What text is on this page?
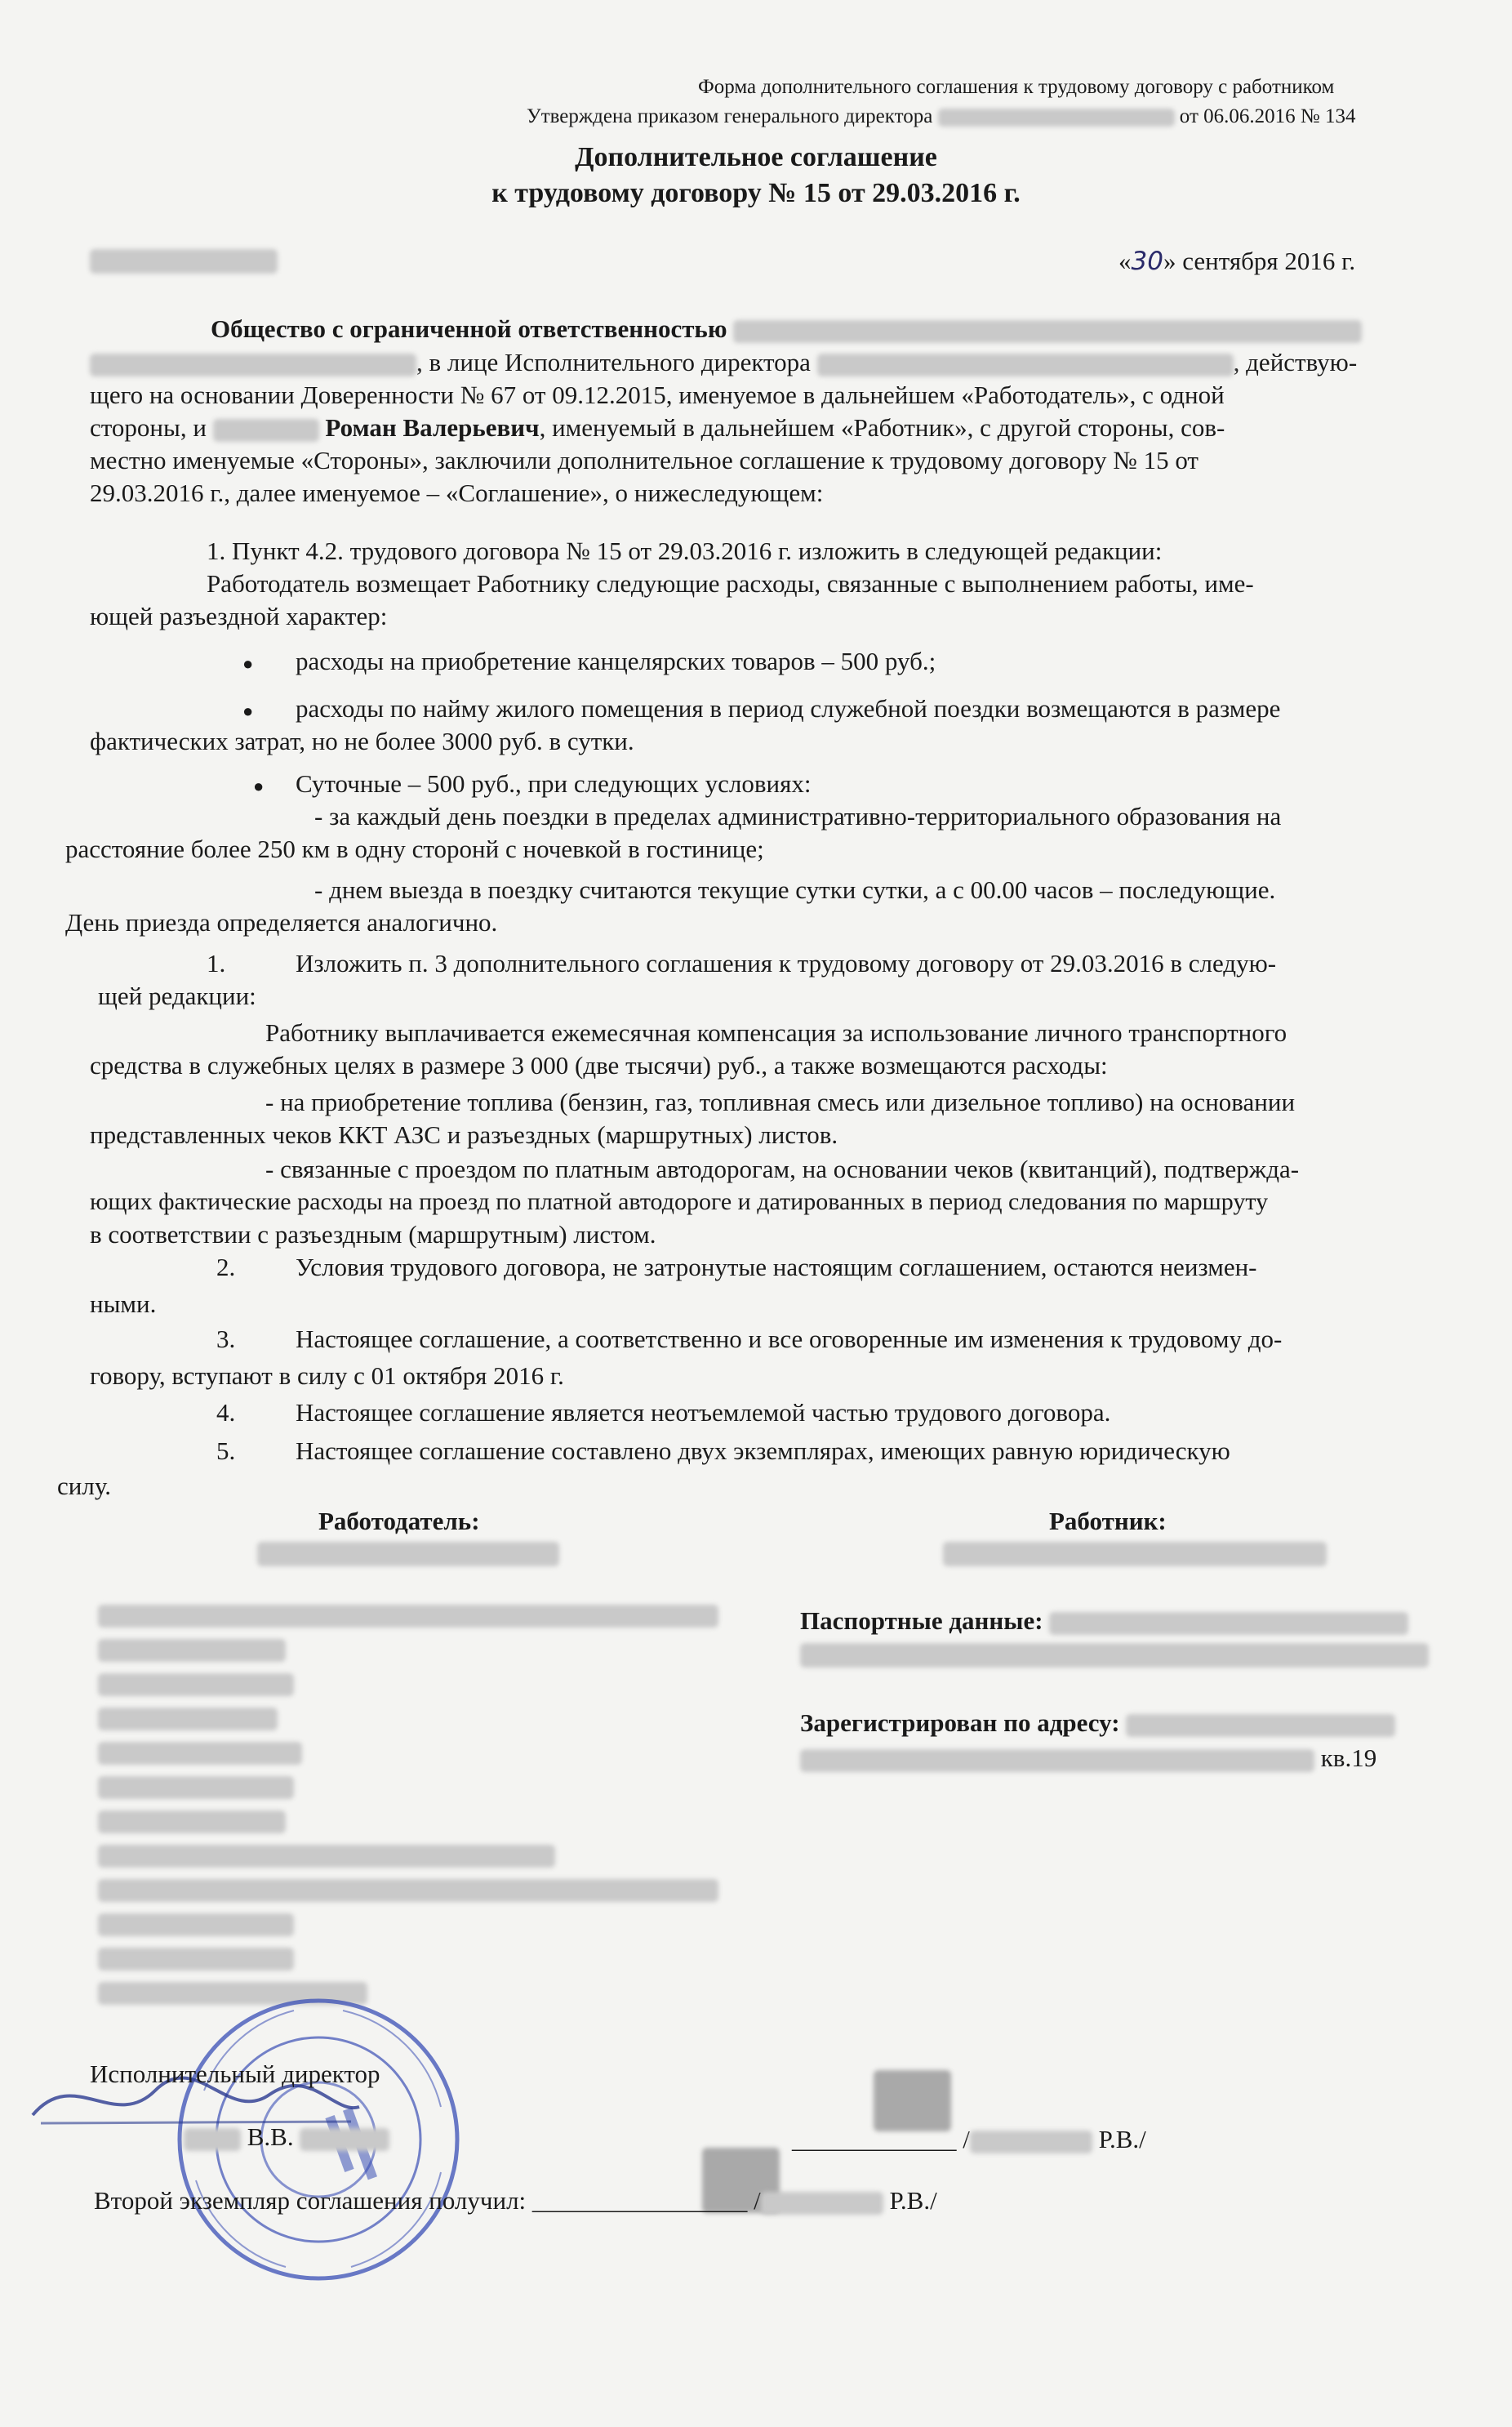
Форма дополнительного соглашения к трудовому договору с работником
Утверждена приказом генерального директора	от 06.06.2016 № 134
Дополнительное соглашение
к трудовому договору № 15 от 29.03.2016 г.
«30» сентября 2016 г.
Общество с ограниченной ответственностью
, в лице Исполнительного директора	, действую-
щего на основании Доверенности № 67 от 09.12.2015, именуемое в дальнейшем «Работодатель», с одной
стороны, и	Роман Валерьевич, именуемый в дальнейшем «Работник», с другой стороны, сов-
местно именуемые «Стороны», заключили дополнительное соглашение к трудовому договору № 15 от
29.03.2016 г., далее именуемое – «Соглашение», о нижеследующем:
1. Пункт 4.2. трудового договора № 15 от 29.03.2016 г. изложить в следующей редакции:
Работодатель возмещает Работнику следующие расходы, связанные с выполнением работы, име-
ющей разъездной характер:
● расходы на приобретение канцелярских товаров – 500 руб.;
● расходы по найму жилого помещения в период служебной поездки возмещаются в размере
фактических затрат, но не более 3000 руб. в сутки.
● Суточные – 500 руб., при следующих условиях:
- за каждый день поездки в пределах административно-территориального образования на
расстояние более 250 км в одну сторонй с ночевкой в гостинице;
- днем выезда в поездку считаются текущие сутки сутки, а с 00.00 часов – последующие.
День приезда определяется аналогично.
1.	Изложить п. 3 дополнительного соглашения к трудовому договору от 29.03.2016 в следую-
щей редакции:
Работнику выплачивается ежемесячная компенсация за использование личного транспортного
средства в служебных целях в размере 3 000 (две тысячи) руб., а также возмещаются расходы:
- на приобретение топлива (бензин, газ, топливная смесь или дизельное топливо) на основании
представленных чеков ККТ АЗС и разъездных (маршрутных) листов.
- связанные с проездом по платным автодорогам, на основании чеков (квитанций), подтвержда-
ющих фактические расходы на проезд по платной автодороге и датированных в период следования по маршруту
в соответствии с разъездным (маршрутным) листом.
2. Условия трудового договора, не затронутые настоящим соглашением, остаются неизмен-
ными.
3. Настоящее соглашение, а соответственно и все оговоренные им изменения к трудовому до-
говору, вступают в силу с 01 октября 2016 г.
4. Настоящее соглашение является неотъемлемой частью трудового договора.
5. Настоящее соглашение составлено двух экземплярах, имеющих равную юридическую
силу.
Работодатель:	Работник:
Паспортные данные:
Зарегистрирован по адресу:
кв.19
Исполнительный директор
В.В.	_____________ /	Р.В./
Второй экземпляр соглашения получил: _________________ /	Р.В./
